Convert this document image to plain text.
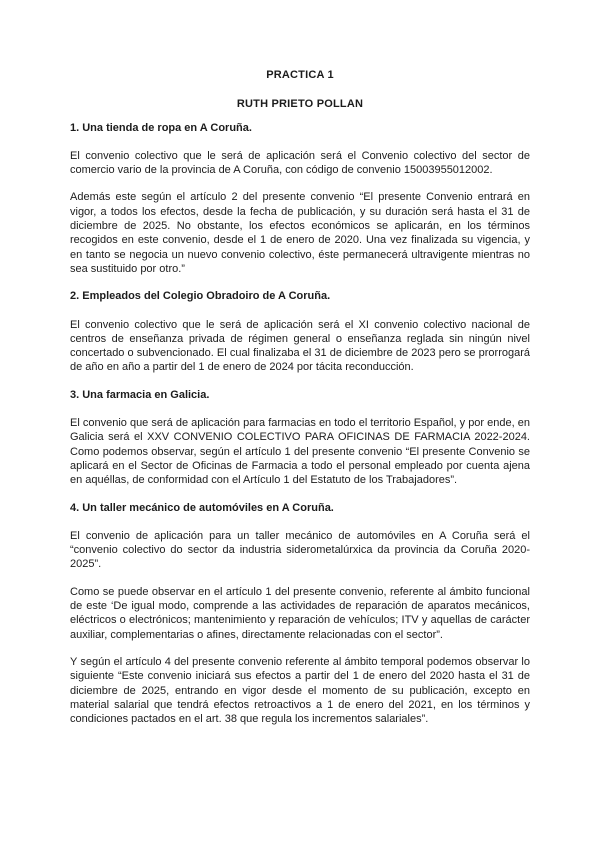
PRACTICA 1
RUTH PRIETO POLLAN
1. Una tienda de ropa en A Coruña.

El convenio colectivo que le será de aplicación será el Convenio colectivo del sector de comercio vario de la provincia de A Coruña, con código de convenio 15003955012002.

Además este según el artículo 2 del presente convenio “El presente Convenio entrará en vigor, a todos los efectos, desde la fecha de publicación, y su duración será hasta el 31 de diciembre de 2025. No obstante, los efectos económicos se aplicarán, en los términos recogidos en este convenio, desde el 1 de enero de 2020. Una vez finalizada su vigencia, y en tanto se negocia un nuevo convenio colectivo, éste permanecerá ultravigente mientras no sea sustituido por otro.”

2. Empleados del Colegio Obradoiro de A Coruña.

El convenio colectivo que le será de aplicación será el XI convenio colectivo nacional de centros de enseñanza privada de régimen general o enseñanza reglada sin ningún nivel concertado o subvencionado. El cual finalizaba el 31 de diciembre de 2023 pero se prorrogará de año en año a partir del 1 de enero de 2024 por tácita reconducción.

3. Una farmacia en Galicia.

El convenio que será de aplicación para farmacias en todo el territorio Español, y por ende, en Galicia será el XXV CONVENIO COLECTIVO PARA OFICINAS DE FARMACIA 2022-2024. Como podemos observar, según el artículo 1 del presente convenio “El presente Convenio se aplicará en el Sector de Oficinas de Farmacia a todo el personal empleado por cuenta ajena en aquéllas, de conformidad con el Artículo 1 del Estatuto de los Trabajadores”.

4. Un taller mecánico de automóviles en A Coruña.

El convenio de aplicación para un taller mecánico de automóviles en A Coruña será el “convenio colectivo do sector da industria siderometalúrxica da provincia da Coruña 2020-2025”.

Como se puede observar en el artículo 1 del presente convenio, referente al ámbito funcional de este ‘De igual modo, comprende a las actividades de reparación de aparatos mecánicos, eléctricos o electrónicos; mantenimiento y reparación de vehículos; ITV y aquellas de carácter auxiliar, complementarias o afines, directamente relacionadas con el sector”.

Y según el artículo 4 del presente convenio referente al ámbito temporal podemos observar lo siguiente “Este convenio iniciará sus efectos a partir del 1 de enero del 2020 hasta el 31 de diciembre de 2025, entrando en vigor desde el momento de su publicación, excepto en material salarial que tendrá efectos retroactivos a 1 de enero del 2021, en los términos y condiciones pactados en el art. 38 que regula los incrementos salariales”.
